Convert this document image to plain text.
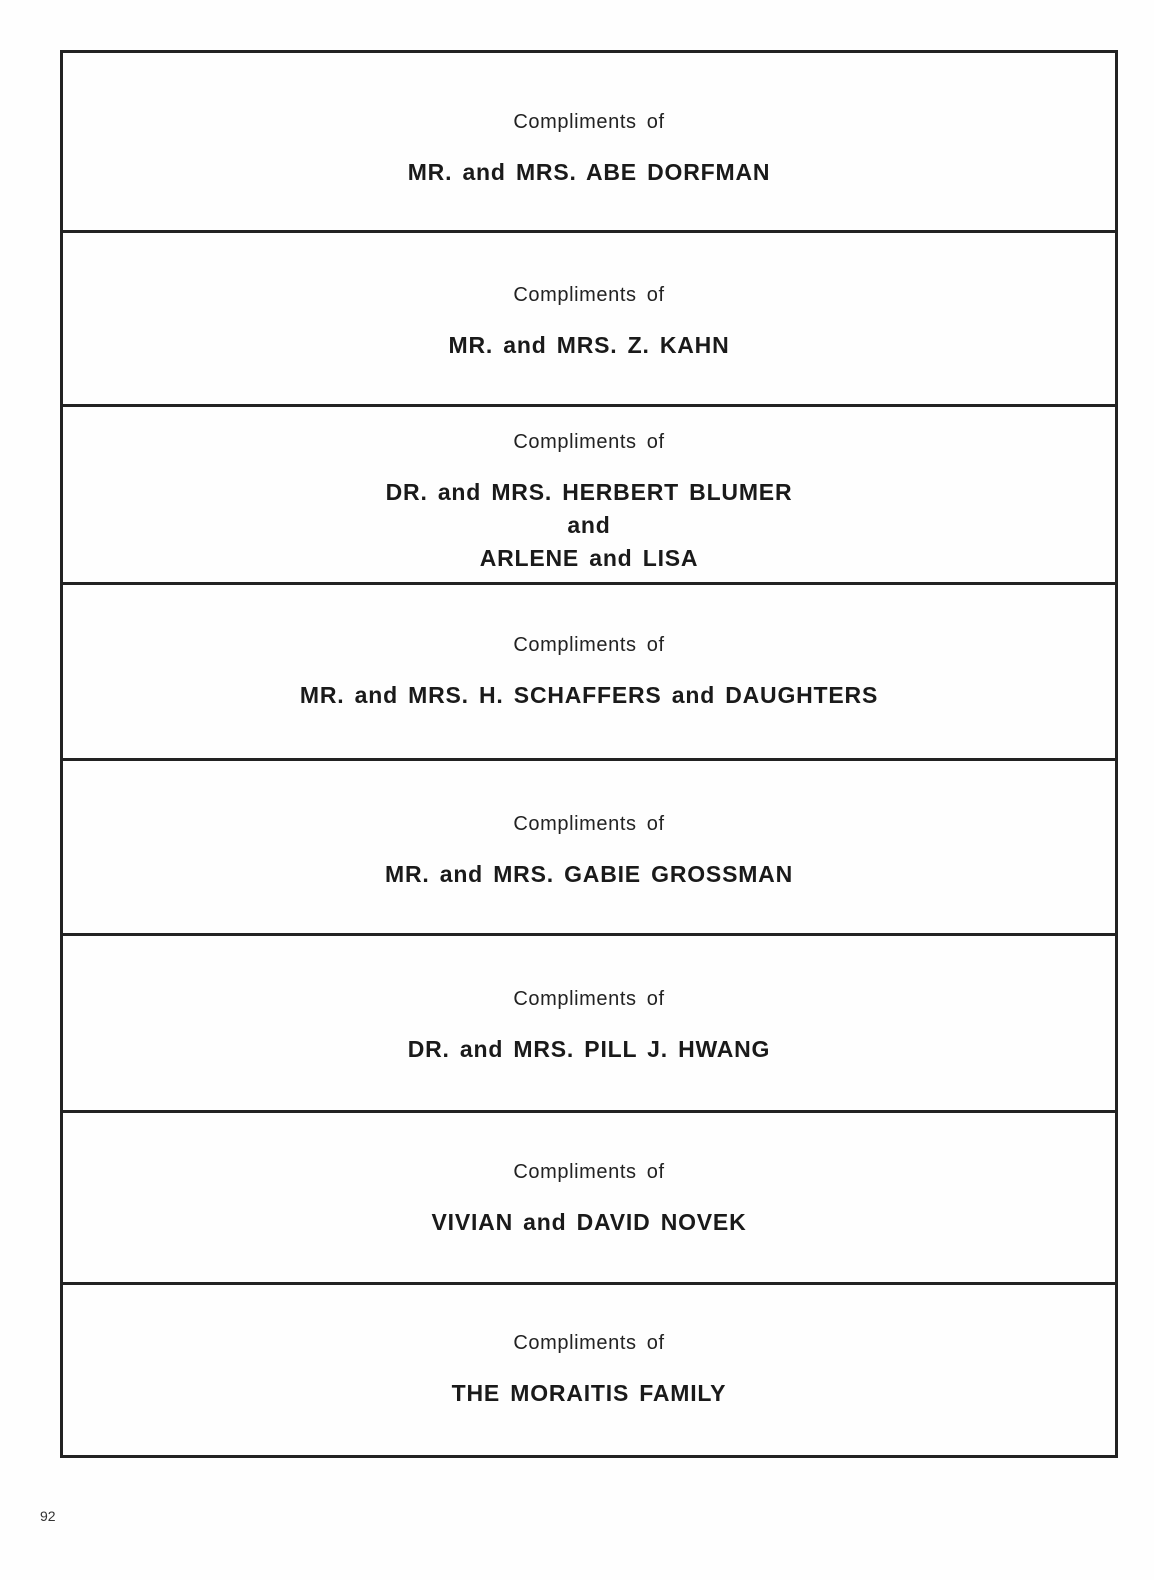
Compliments of
MR. and MRS. ABE DORFMAN
Compliments of
MR. and MRS. Z. KAHN
Compliments of
DR. and MRS. HERBERT BLUMER
and
ARLENE and LISA
Compliments of
MR. and MRS. H. SCHAFFERS and DAUGHTERS
Compliments of
MR. and MRS. GABIE GROSSMAN
Compliments of
DR. and MRS. PILL J. HWANG
Compliments of
VIVIAN and DAVID NOVEK
Compliments of
THE MORAITIS FAMILY
92
